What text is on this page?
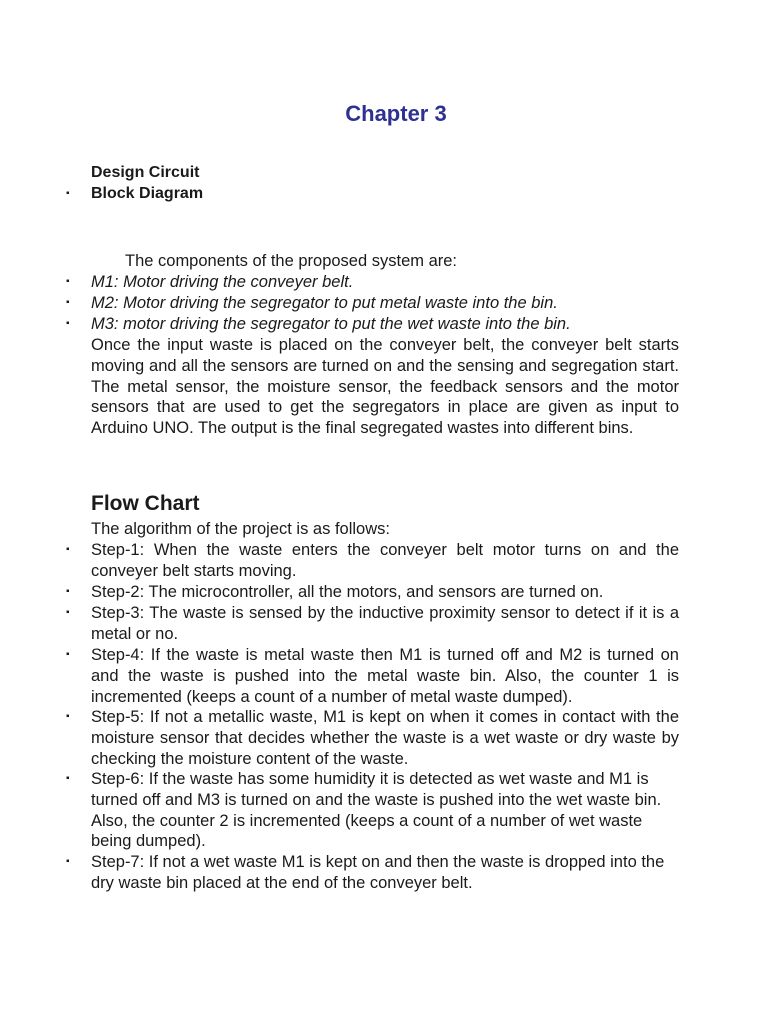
Chapter 3

Design Circuit

▪ Block Diagram

The components of the proposed system are:

▪ M1: Motor driving the conveyer belt.

▪ M2: Motor driving the segregator to put metal waste into the bin.

▪ M3: motor driving the segregator to put the wet waste into the bin.

Once the input waste is placed on the conveyer belt, the conveyer belt starts moving and all the sensors are turned on and the sensing and segregation start. The metal sensor, the moisture sensor, the feedback sensors and the motor sensors that are used to get the segregators in place are given as input to Arduino UNO. The output is the final segregated wastes into different bins.

Flow Chart

The algorithm of the project is as follows:

▪ Step-1: When the waste enters the conveyer belt motor turns on and the conveyer belt starts moving.

▪ Step-2: The microcontroller, all the motors, and sensors are turned on.

▪ Step-3: The waste is sensed by the inductive proximity sensor to detect if it is a metal or no.

▪ Step-4: If the waste is metal waste then M1 is turned off and M2 is turned on and the waste is pushed into the metal waste bin. Also, the counter 1 is incremented (keeps a count of a number of metal waste dumped).

▪ Step-5: If not a metallic waste, M1 is kept on when it comes in contact with the moisture sensor that decides whether the waste is a wet waste or dry waste by checking the moisture content of the waste.

▪ Step-6: If the waste has some humidity it is detected as wet waste and M1 is turned off and M3 is turned on and the waste is pushed into the wet waste bin. Also, the counter 2 is incremented (keeps a count of a number of wet waste being dumped).

▪ Step-7: If not a wet waste M1 is kept on and then the waste is dropped into the dry waste bin placed at the end of the conveyer belt.
